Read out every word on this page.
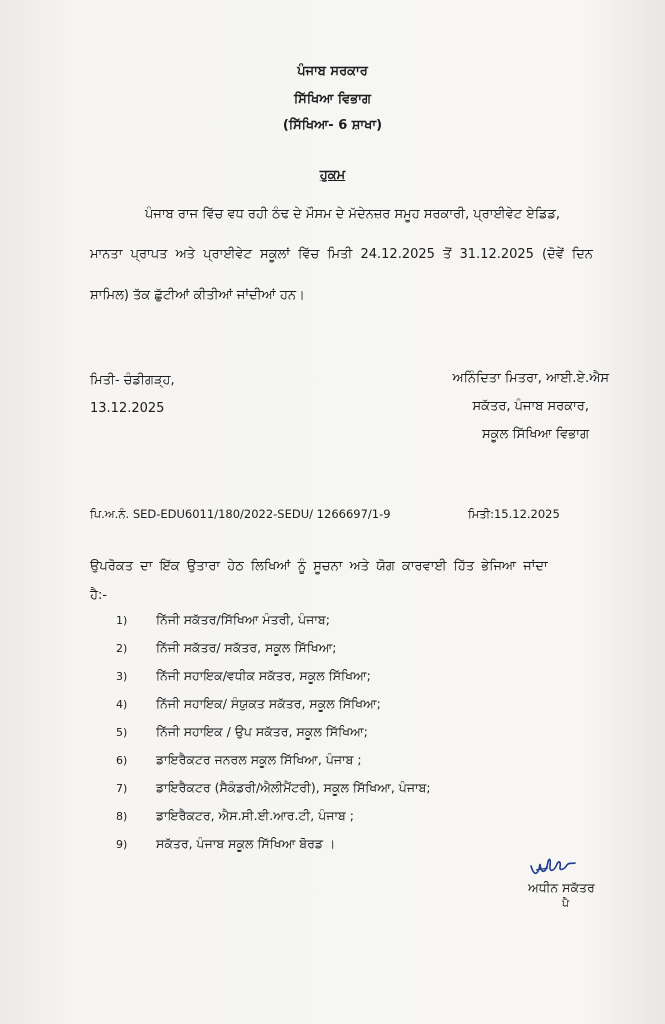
ਪੰਜਾਬ ਸਰਕਾਰ
ਸਿੱਖਿਆ ਵਿਭਾਗ
(ਸਿੱਖਿਆ- 6 ਸ਼ਾਖਾ)
ਹੁਕਮ
ਪੰਜਾਬ ਰਾਜ ਵਿੱਚ ਵਧ ਰਹੀ ਠੰਢ ਦੇ ਮੌਸਮ ਦੇ ਮੱਦੇਨਜ਼ਰ ਸਮੂਹ ਸਰਕਾਰੀ, ਪ੍ਰਾਈਵੇਟ ਏਡਿਡ,
ਮਾਨਤਾ ਪ੍ਰਾਪਤ ਅਤੇ ਪ੍ਰਾਈਵੇਟ ਸਕੂਲਾਂ ਵਿੱਚ ਮਿਤੀ 24.12.2025 ਤੋਂ 31.12.2025 (ਦੋਵੇਂ ਦਿਨ
ਸ਼ਾਮਿਲ) ਤੱਕ ਛੁੱਟੀਆਂ ਕੀਤੀਆਂ ਜਾਂਦੀਆਂ ਹਨ।
ਮਿਤੀ- ਚੰਡੀਗੜ੍ਹ,
13.12.2025
ਅਨਿੰਦਿਤਾ ਮਿਤਰਾ, ਆਈ.ਏ.ਐਸ
ਸਕੱਤਰ, ਪੰਜਾਬ ਸਰਕਾਰ,
ਸਕੂਲ ਸਿੱਖਿਆ ਵਿਭਾਗ
ਪਿ.ਅ.ਨੰ. SED-EDU6011/180/2022-SEDU/ 1266697/1-9	ਮਿਤੀ:15.12.2025
ਉਪਰੋਕਤ ਦਾ ਇੱਕ ਉਤਾਰਾ ਹੇਠ ਲਿਖਿਆਂ ਨੂੰ ਸੂਚਨਾ ਅਤੇ ਯੋਗ ਕਾਰਵਾਈ ਹਿੱਤ ਭੇਜਿਆ ਜਾਂਦਾ
ਹੈ:-
1)	ਨਿੱਜੀ ਸਕੱਤਰ/ਸਿੱਖਿਆ ਮੰਤਰੀ, ਪੰਜਾਬ;
2)	ਨਿੱਜੀ ਸਕੱਤਰ/ ਸਕੱਤਰ, ਸਕੂਲ ਸਿੱਖਿਆ;
3)	ਨਿੱਜੀ ਸਹਾਇਕ/ਵਧੀਕ ਸਕੱਤਰ, ਸਕੂਲ ਸਿੱਖਿਆ;
4)	ਨਿੱਜੀ ਸਹਾਇਕ/ ਸੰਯੁਕਤ ਸਕੱਤਰ, ਸਕੂਲ ਸਿੱਖਿਆ;
5)	ਨਿੱਜੀ ਸਹਾਇਕ / ਉਪ ਸਕੱਤਰ, ਸਕੂਲ ਸਿੱਖਿਆ;
6)	ਡਾਇਰੈਕਟਰ ਜਨਰਲ ਸਕੂਲ ਸਿੱਖਿਆ, ਪੰਜਾਬ ;
7)	ਡਾਇਰੈਕਟਰ (ਸੈਕੰਡਰੀ/ਐਲੀਮੈਂਟਰੀ), ਸਕੂਲ ਸਿੱਖਿਆ, ਪੰਜਾਬ;
8)	ਡਾਇਰੈਕਟਰ, ਐਸ.ਸੀ.ਈ.ਆਰ.ਟੀ, ਪੰਜਾਬ ;
9)	ਸਕੱਤਰ, ਪੰਜਾਬ ਸਕੂਲ ਸਿੱਖਿਆ ਬੋਰਡ ।
ਅਧੀਨ ਸਕੱਤਰ
ਪੈ
